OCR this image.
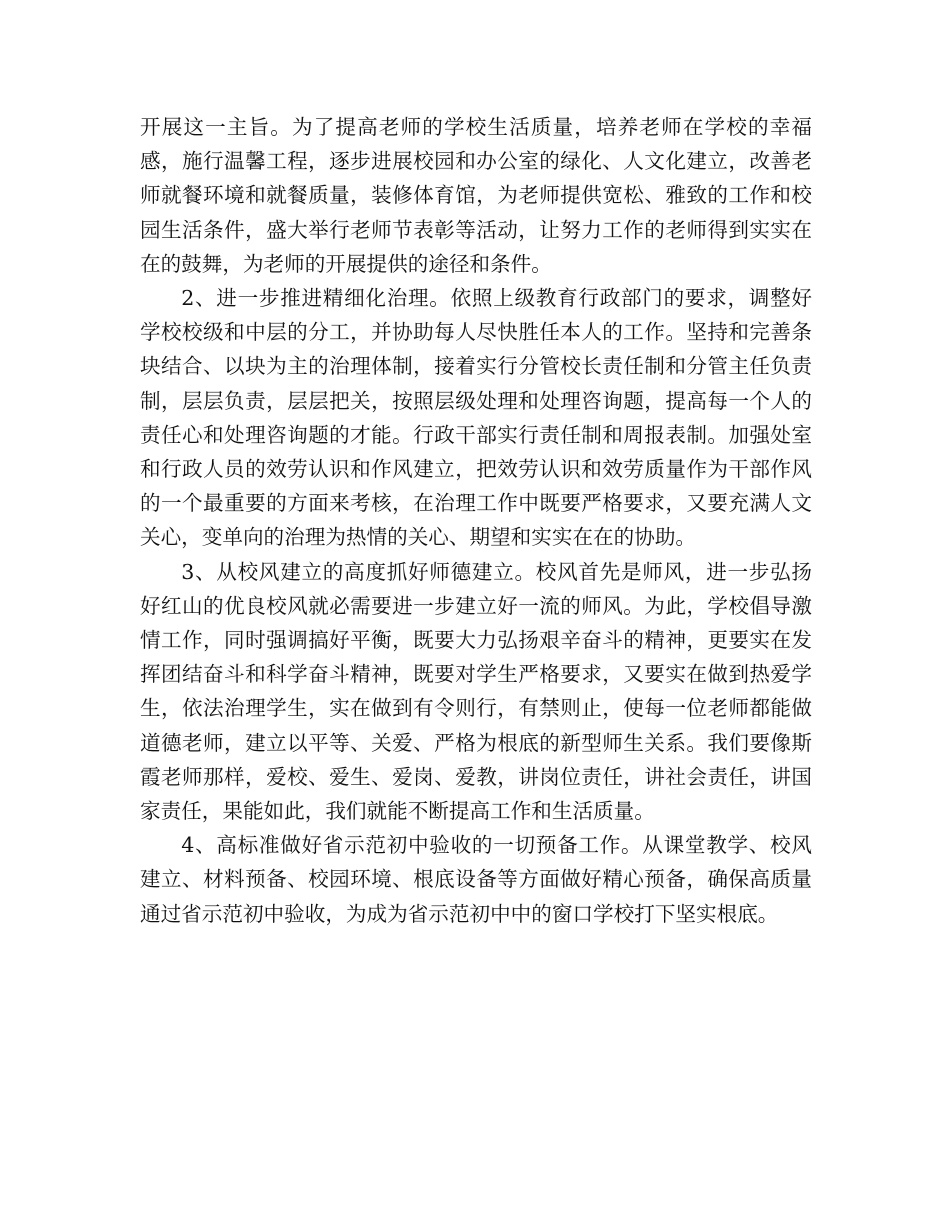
开展这一主旨。为了提高老师的学校生活质量，培养老师在学校的幸福感，施行温馨工程，逐步进展校园和办公室的绿化、人文化建立，改善老师就餐环境和就餐质量，装修体育馆，为老师提供宽松、雅致的工作和校园生活条件，盛大举行老师节表彰等活动，让努力工作的老师得到实实在在的鼓舞，为老师的开展提供的途径和条件。

2、进一步推进精细化治理。依照上级教育行政部门的要求，调整好学校校级和中层的分工，并协助每人尽快胜任本人的工作。坚持和完善条块结合、以块为主的治理体制，接着实行分管校长责任制和分管主任负责制，层层负责，层层把关，按照层级处理和处理咨询题，提高每一个人的责任心和处理咨询题的才能。行政干部实行责任制和周报表制。加强处室和行政人员的效劳认识和作风建立，把效劳认识和效劳质量作为干部作风的一个最重要的方面来考核，在治理工作中既要严格要求，又要充满人文关心，变单向的治理为热情的关心、期望和实实在在的协助。

3、从校风建立的高度抓好师德建立。校风首先是师风，进一步弘扬好红山的优良校风就必需要进一步建立好一流的师风。为此，学校倡导激情工作，同时强调搞好平衡，既要大力弘扬艰辛奋斗的精神，更要实在发挥团结奋斗和科学奋斗精神，既要对学生严格要求，又要实在做到热爱学生，依法治理学生，实在做到有令则行，有禁则止，使每一位老师都能做道德老师，建立以平等、关爱、严格为根底的新型师生关系。我们要像斯霞老师那样，爱校、爱生、爱岗、爱教，讲岗位责任，讲社会责任，讲国家责任，果能如此，我们就能不断提高工作和生活质量。

4、高标准做好省示范初中验收的一切预备工作。从课堂教学、校风建立、材料预备、校园环境、根底设备等方面做好精心预备，确保高质量通过省示范初中验收，为成为省示范初中中的窗口学校打下坚实根底。
